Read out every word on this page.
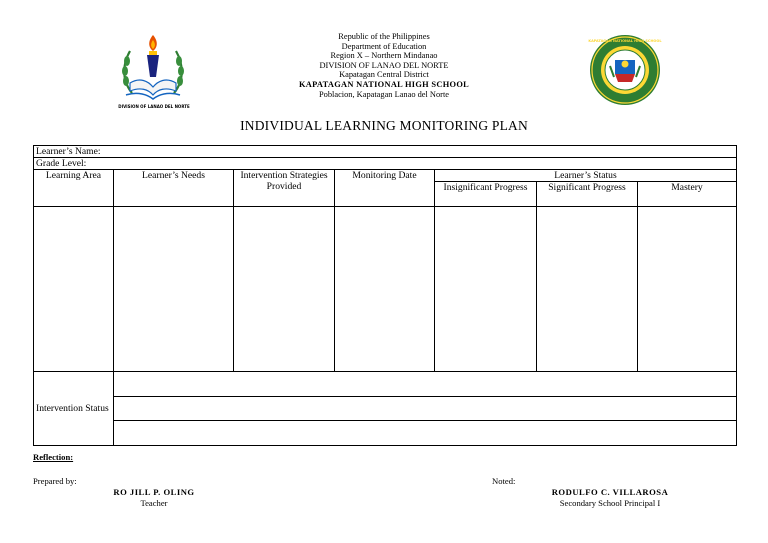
DIVISION OF LANAO DEL NORTE
Republic of the Philippines
Department of Education
Region X – Northern Mindanao
DIVISION OF LANAO DEL NORTE
Kapatagan Central District
KAPATAGAN NATIONAL HIGH SCHOOL
Poblacion, Kapatagan Lanao del Norte
KAPATAGAN NATIONAL HIGH SCHOOL
INDIVIDUAL LEARNING MONITORING PLAN
Learner’s Name:						
Grade Level:						
Learning Area	Learner’s Needs	Intervention Strategies Provided	Monitoring Date	Learner’s Status		
				Insignificant Progress	Significant Progress	Mastery

Intervention Status						

Reflection:
Prepared by:
RO JILL P. OLING
Teacher
Noted:
RODULFO C. VILLAROSA
Secondary School Principal I
